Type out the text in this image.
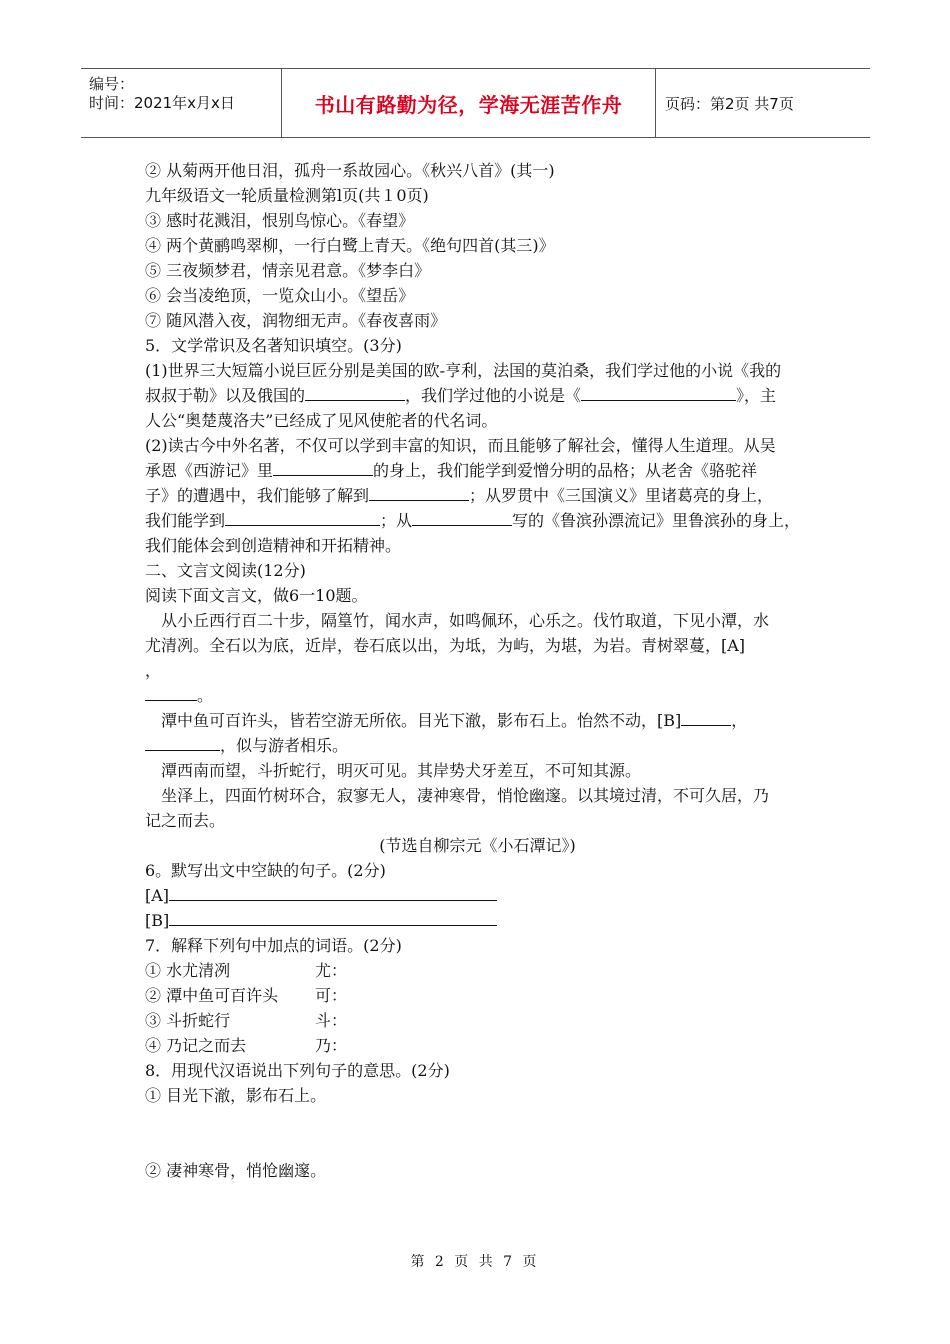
编号：
时间：2021年x月x日	书山有路勤为径，学海无涯苦作舟	页码：第2页 共7页
② 从菊两开他日泪，孤舟一系故园心。《秋兴八首》(其一)
九年级语文一轮质量检测第l页(共１0页)
③ 感时花溅泪，恨别鸟惊心。《春望》
④ 两个黄鹂鸣翠柳，一行白鹭上青天。《绝句四首(其三)》
⑤ 三夜频梦君，情亲见君意。《梦李白》
⑥ 会当凌绝顶，一览众山小。《望岳》
⑦ 随风潜入夜，润物细无声。《春夜喜雨》
5．文学常识及名著知识填空。(3分)
(1)世界三大短篇小说巨匠分别是美国的欧-亨利，法国的莫泊桑，我们学过他的小说《我的
叔叔于勒》以及俄国的	，我们学过他的小说是《	》，主
人公“奥楚蔑洛夫”已经成了见风使舵者的代名词。
(2)读古今中外名著，不仅可以学到丰富的知识，而且能够了解社会，懂得人生道理。从吴
承恩《西游记》里	的身上，我们能学到爱憎分明的品格；从老舍《骆驼祥
子》的遭遇中，我们能够了解到	；从罗贯中《三国演义》里诸葛亮的身上，
我们能学到	；从	写的《鲁滨孙漂流记》里鲁滨孙的身上，
我们能体会到创造精神和开拓精神。
二、文言文阅读(12分)
阅读下面文言文，做6一10题。
从小丘西行百二十步，隔篁竹，闻水声，如鸣佩环，心乐之。伐竹取道，下见小潭，水
尤清冽。全石以为底，近岸，卷石底以出，为坻，为屿，为堪，为岩。青树翠蔓，[A]
，
。
潭中鱼可百许头，皆若空游无所依。目光下澈，影布石上。怡然不动，[B]	，
，似与游者相乐。
潭西南而望，斗折蛇行，明灭可见。其岸势犬牙差互，不可知其源。
坐泽上，四面竹树环合，寂寥无人，凄神寒骨，悄怆幽邃。以其境过清，不可久居，乃
记之而去。
(节选自柳宗元《小石潭记》)
6。默写出文中空缺的句子。(2分)
[A]
[B]
7．解释下列句中加点的词语。(2分)
① 水尤清冽	尤：
② 潭中鱼可百许头 可：
③ 斗折蛇行	斗：
④ 乃记之而去	乃：
8．用现代汉语说出下列句子的意思。(2分)
① 目光下澈，影布石上。
② 凄神寒骨，悄怆幽邃。
第 2 页 共 7 页
